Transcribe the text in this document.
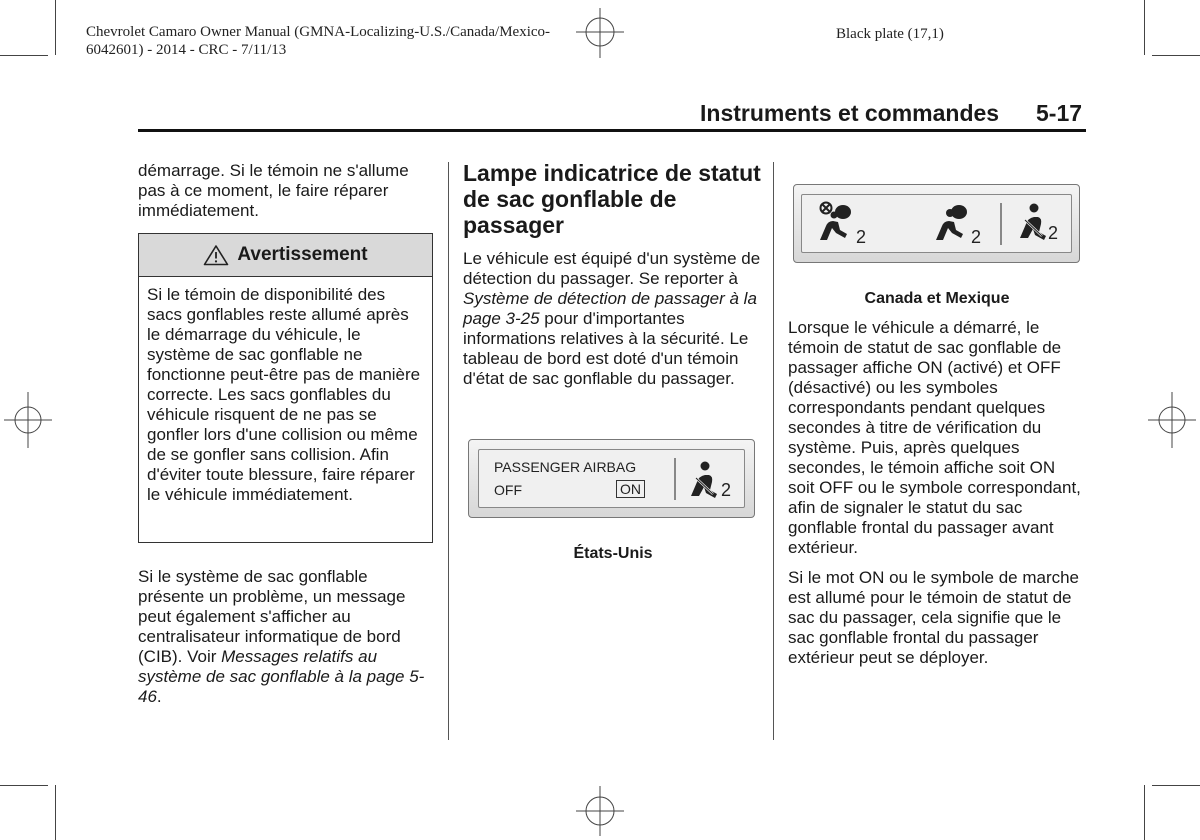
Chevrolet Camaro Owner Manual (GMNA-Localizing-U.S./Canada/Mexico-
6042601) - 2014 - CRC - 7/11/13
Black plate (17,1)
Instruments et commandes 5-17
démarrage. Si le témoin ne s'allume pas à ce moment, le faire réparer immédiatement.
Avertissement
Si le témoin de disponibilité des sacs gonflables reste allumé après le démarrage du véhicule, le système de sac gonflable ne fonctionne peut-être pas de manière correcte. Les sacs gonflables du véhicule risquent de ne pas se gonfler lors d'une collision ou même de se gonfler sans collision. Afin d'éviter toute blessure, faire réparer le véhicule immédiatement.
Si le système de sac gonflable présente un problème, un message peut également s'afficher au centralisateur informatique de bord (CIB). Voir Messages relatifs au système de sac gonflable à la page 5-46.
Lampe indicatrice de statut de sac gonflable de passager
Le véhicule est équipé d'un système de détection du passager. Se reporter à Système de détection de passager à la page 3-25 pour d'importantes informations relatives à la sécurité. Le tableau de bord est doté d'un témoin d'état de sac gonflable du passager.
PASSENGER AIRBAG
OFF	ON	2
États-Unis
2	2	2
Canada et Mexique
Lorsque le véhicule a démarré, le témoin de statut de sac gonflable de passager affiche ON (activé) et OFF (désactivé) ou les symboles correspondants pendant quelques secondes à titre de vérification du système. Puis, après quelques secondes, le témoin affiche soit ON soit OFF ou le symbole correspondant, afin de signaler le statut du sac gonflable frontal du passager avant extérieur.
Si le mot ON ou le symbole de marche est allumé pour le témoin de statut de sac du passager, cela signifie que le sac gonflable frontal du passager extérieur peut se déployer.
